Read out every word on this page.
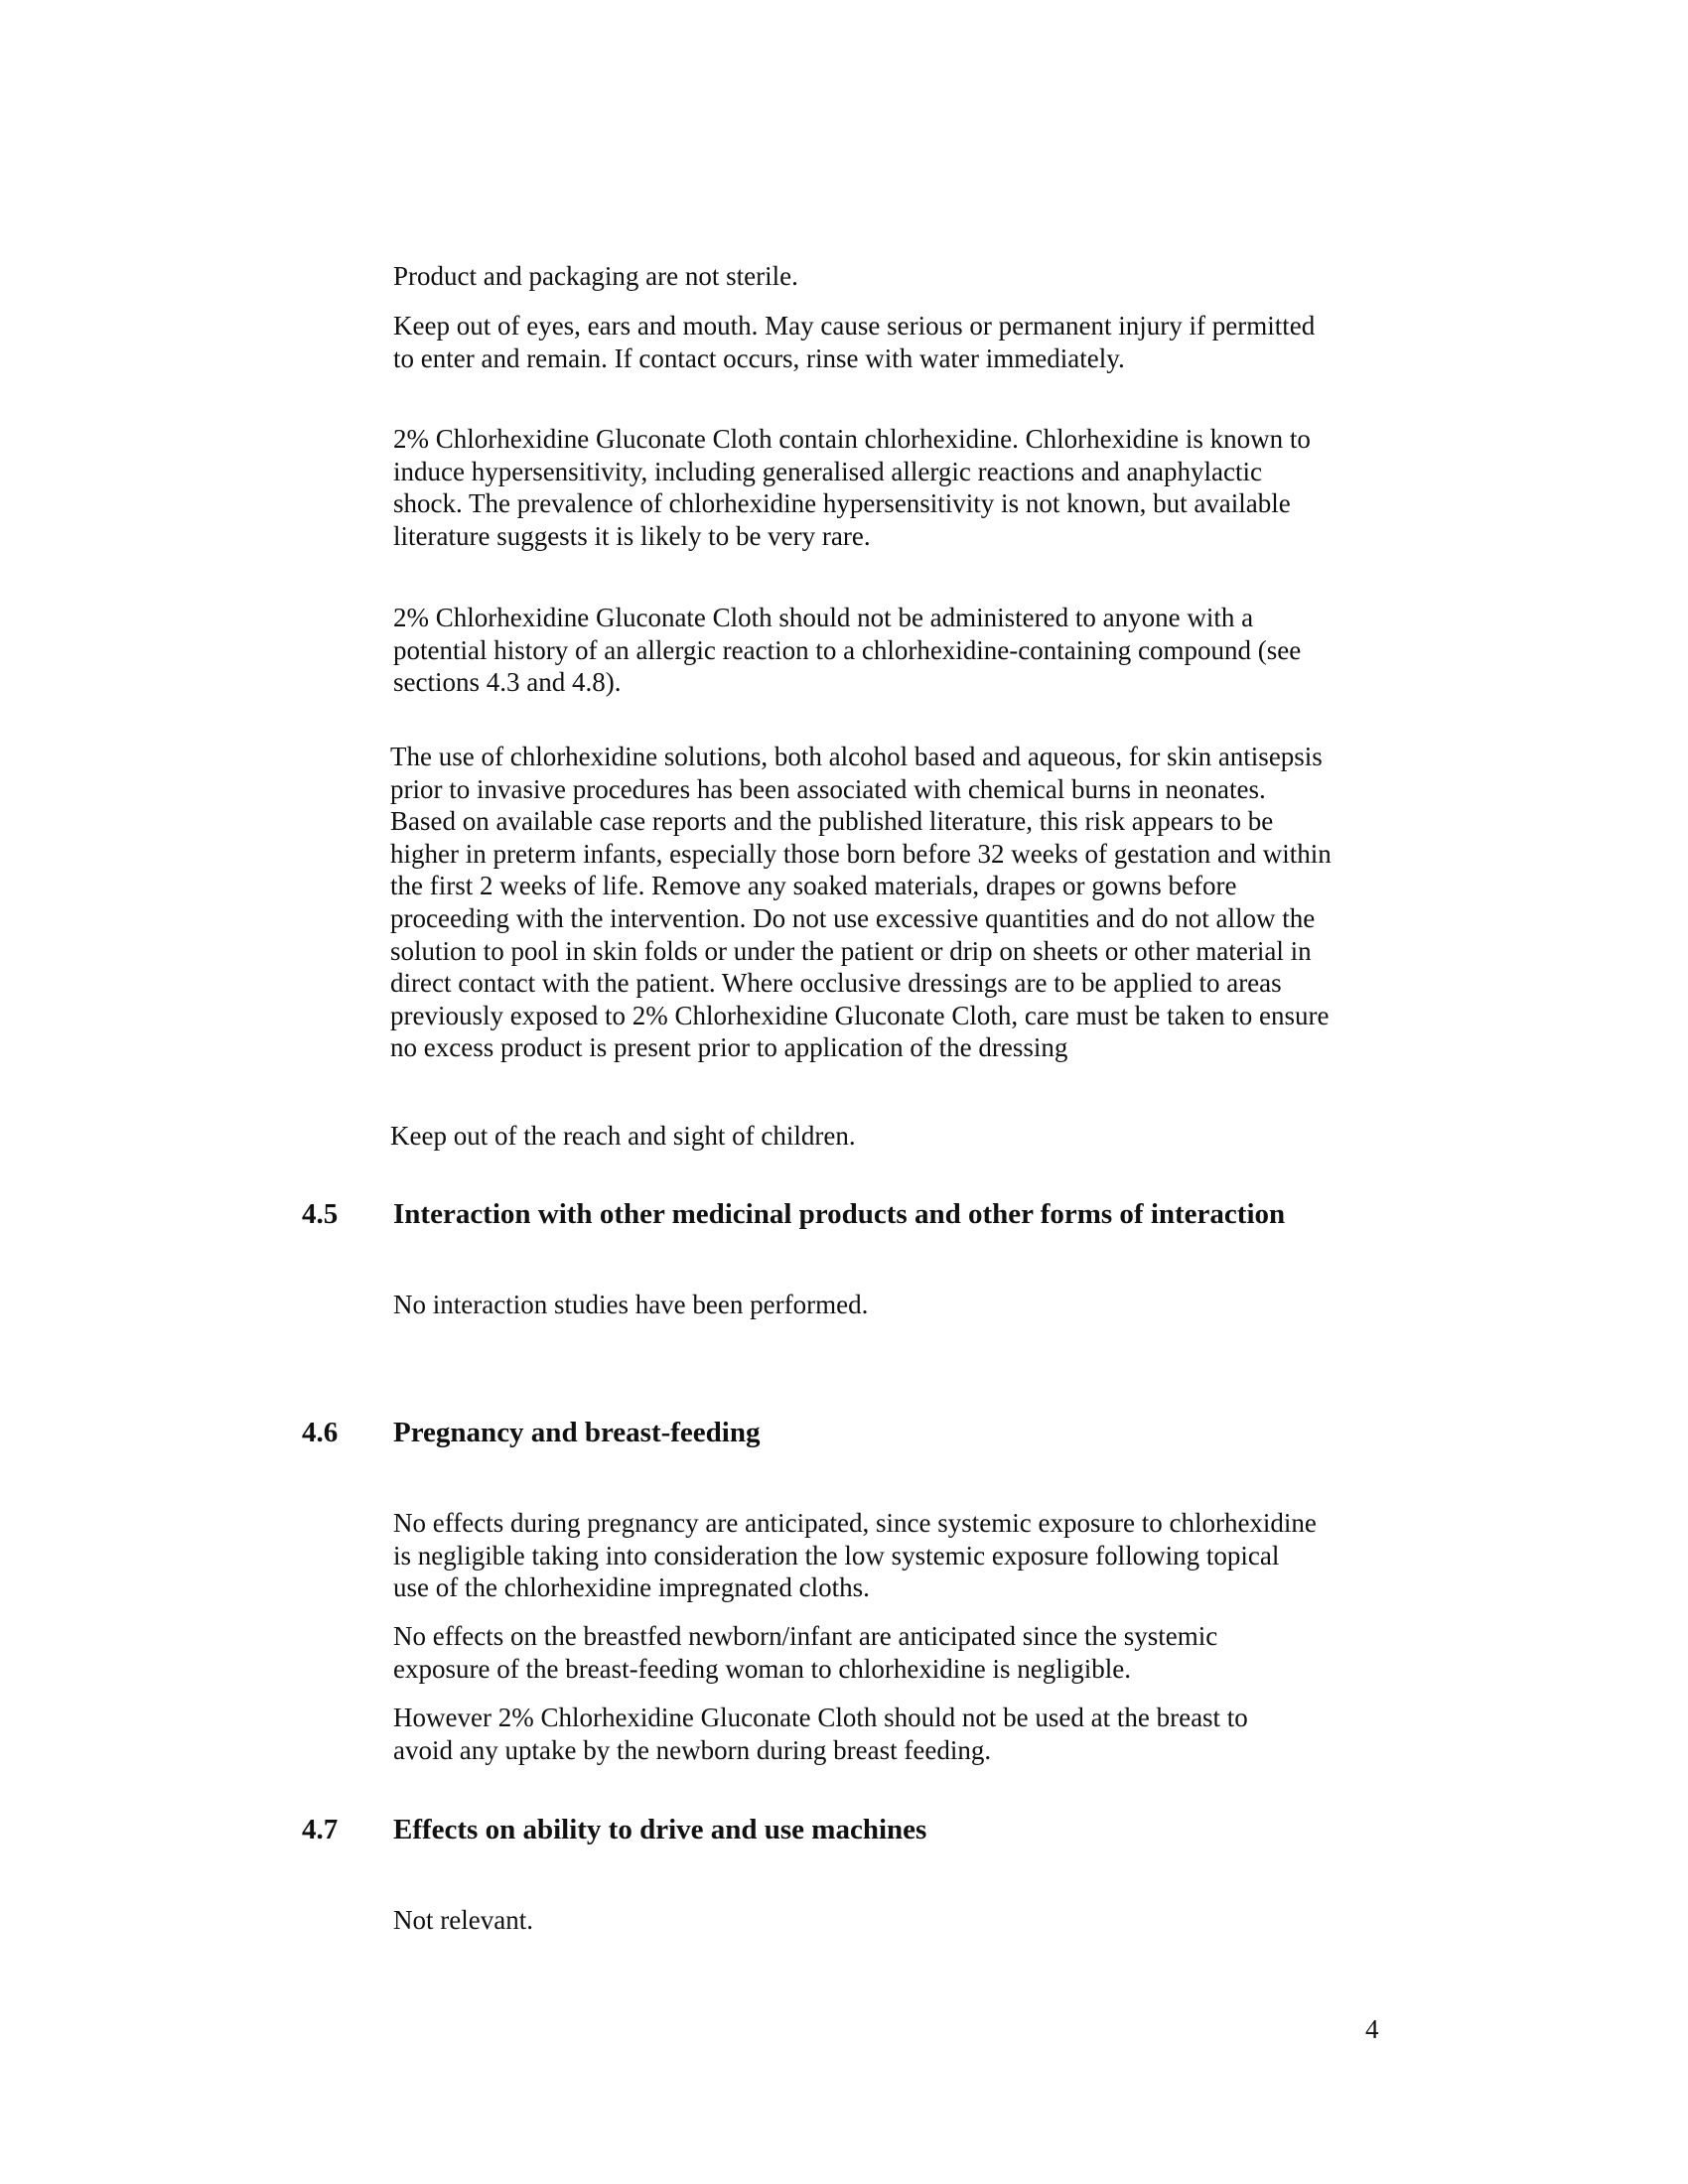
Product and packaging are not sterile.

Keep out of eyes, ears and mouth. May cause serious or permanent injury if permitted
to enter and remain. If contact occurs, rinse with water immediately.

2% Chlorhexidine Gluconate Cloth contain chlorhexidine. Chlorhexidine is known to
induce hypersensitivity, including generalised allergic reactions and anaphylactic
shock. The prevalence of chlorhexidine hypersensitivity is not known, but available
literature suggests it is likely to be very rare.

2% Chlorhexidine Gluconate Cloth should not be administered to anyone with a
potential history of an allergic reaction to a chlorhexidine-containing compound (see
sections 4.3 and 4.8).

The use of chlorhexidine solutions, both alcohol based and aqueous, for skin antisepsis
prior to invasive procedures has been associated with chemical burns in neonates.
Based on available case reports and the published literature, this risk appears to be
higher in preterm infants, especially those born before 32 weeks of gestation and within
the first 2 weeks of life. Remove any soaked materials, drapes or gowns before
proceeding with the intervention. Do not use excessive quantities and do not allow the
solution to pool in skin folds or under the patient or drip on sheets or other material in
direct contact with the patient. Where occlusive dressings are to be applied to areas
previously exposed to 2% Chlorhexidine Gluconate Cloth, care must be taken to ensure
no excess product is present prior to application of the dressing

Keep out of the reach and sight of children.

4.5 Interaction with other medicinal products and other forms of interaction

No interaction studies have been performed.

4.6 Pregnancy and breast-feeding

No effects during pregnancy are anticipated, since systemic exposure to chlorhexidine
is negligible taking into consideration the low systemic exposure following topical
use of the chlorhexidine impregnated cloths.

No effects on the breastfed newborn/infant are anticipated since the systemic
exposure of the breast-feeding woman to chlorhexidine is negligible.

However 2% Chlorhexidine Gluconate Cloth should not be used at the breast to
avoid any uptake by the newborn during breast feeding.

4.7 Effects on ability to drive and use machines

Not relevant.

4
